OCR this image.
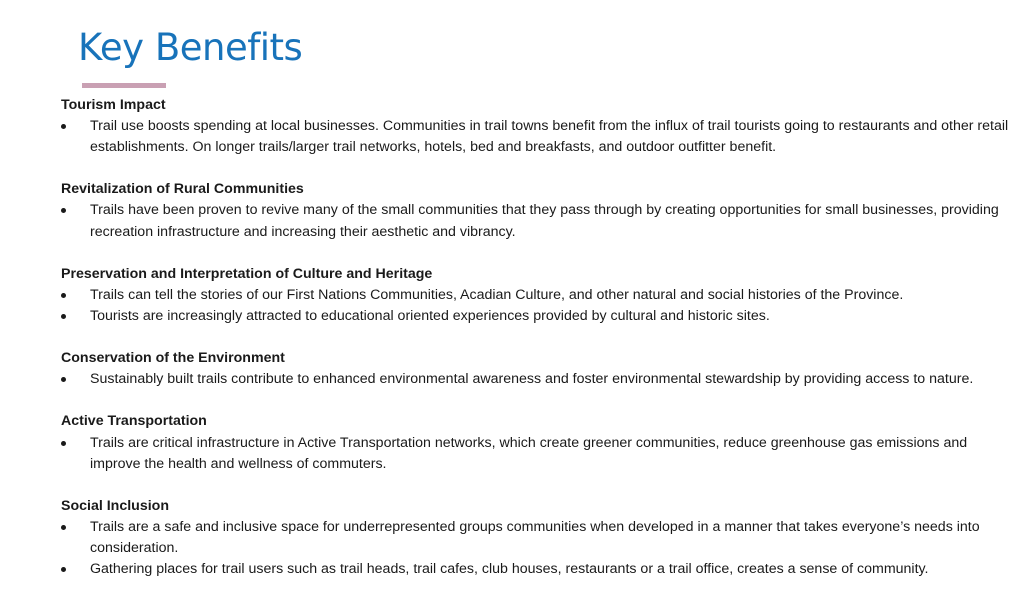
Key Benefits

Tourism Impact

Trail use boosts spending at local businesses. Communities in trail towns benefit from the influx of trail tourists going to restaurants and other retail establishments. On longer trails/larger trail networks, hotels, bed and breakfasts, and outdoor outfitter benefit.

Revitalization of Rural Communities

Trails have been proven to revive many of the small communities that they pass through by creating opportunities for small businesses, providing recreation infrastructure and increasing their aesthetic and vibrancy.

Preservation and Interpretation of Culture and Heritage

Trails can tell the stories of our First Nations Communities, Acadian Culture, and other natural and social histories of the Province.
Tourists are increasingly attracted to educational oriented experiences provided by cultural and historic sites.

Conservation of the Environment

Sustainably built trails contribute to enhanced environmental awareness and foster environmental stewardship by providing access to nature.

Active Transportation

Trails are critical infrastructure in Active Transportation networks, which create greener communities, reduce greenhouse gas emissions and improve the health and wellness of commuters.

Social Inclusion

Trails are a safe and inclusive space for underrepresented groups communities when developed in a manner that takes everyone’s needs into consideration.
Gathering places for trail users such as trail heads, trail cafes, club houses, restaurants or a trail office, creates a sense of community.
